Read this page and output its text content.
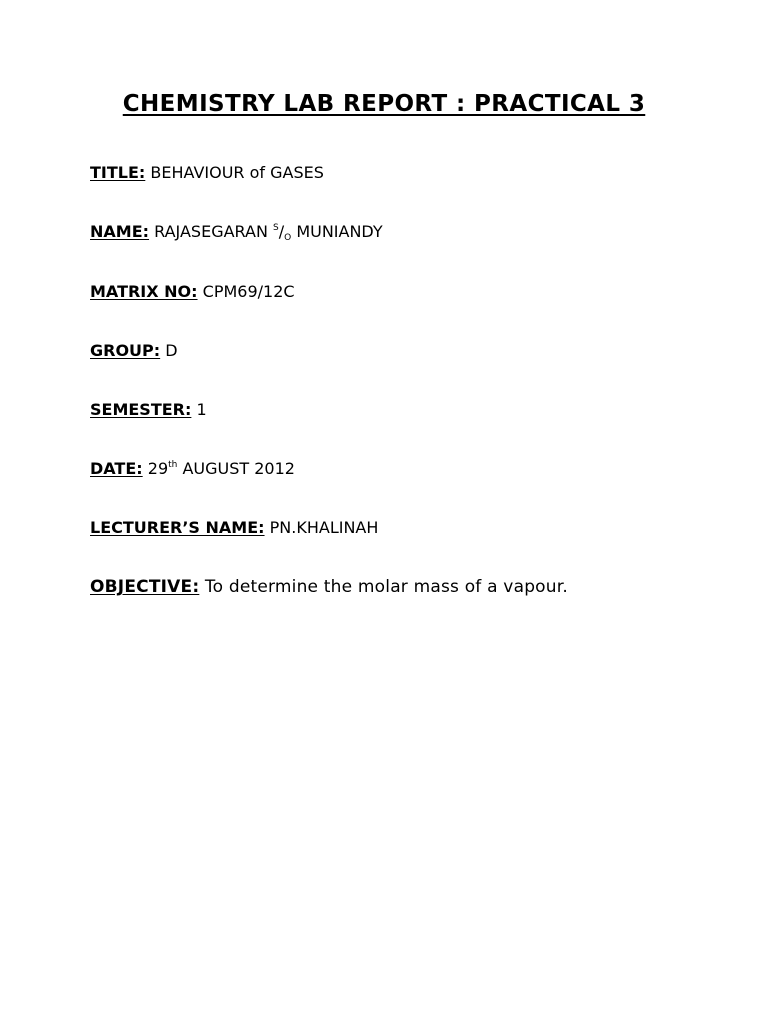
CHEMISTRY LAB REPORT : PRACTICAL 3
TITLE: BEHAVIOUR of GASES
NAME: RAJASEGARAN $^S/_O$ MUNIANDY
MATRIX NO: CPM69/12C
GROUP: D
SEMESTER: 1
DATE: 29th AUGUST 2012
LECTURER’S NAME: PN.KHALINAH
OBJECTIVE: To determine the molar mass of a vapour.
